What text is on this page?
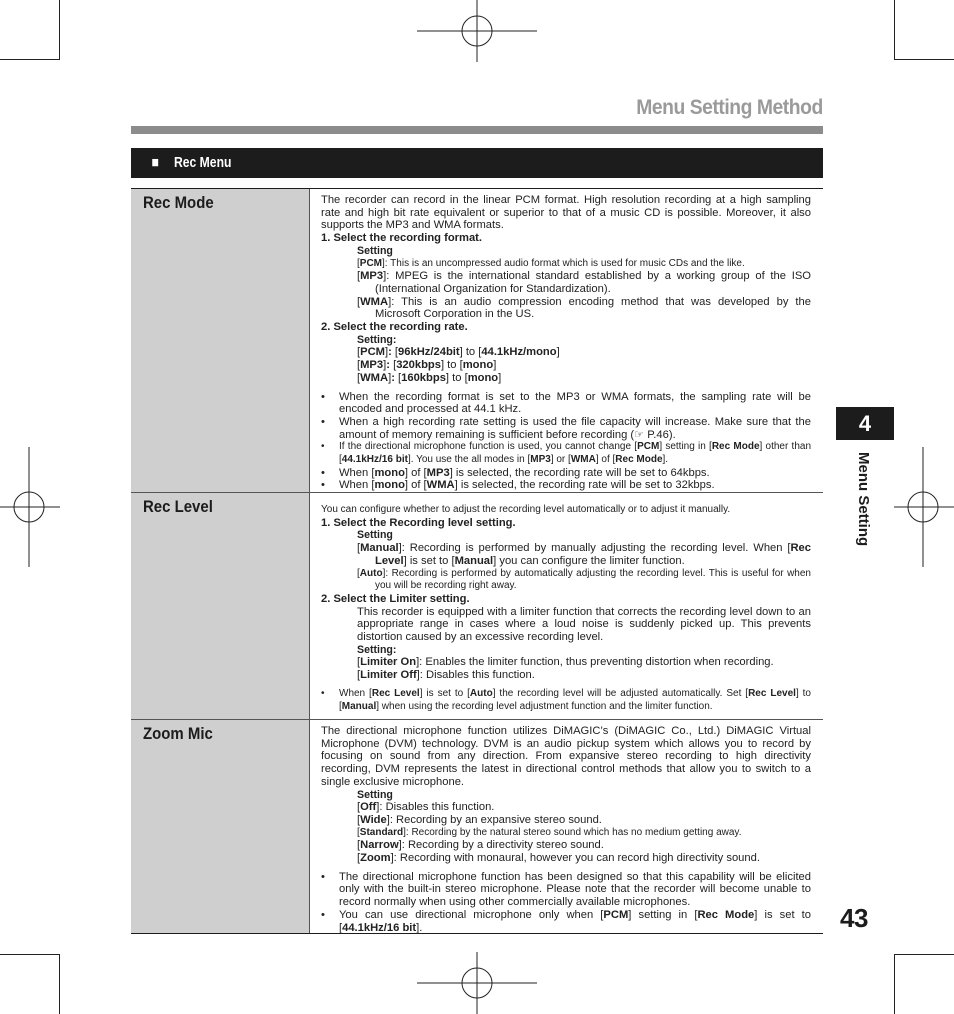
Menu Setting Method
■ Rec Menu
Rec Mode	The recorder can record in the linear PCM format. High resolution recording at a high sampling rate and high bit rate equivalent or superior to that of a music CD is possible. Moreover, it also supports the MP3 and WMA formats.

1. Select the recording format.

Setting

[PCM]: This is an uncompressed audio format which is used for music CDs and the like.

[MP3]: MPEG is the international standard established by a working group of the ISO (International Organization for Standardization).

[WMA]: This is an audio compression encoding method that was developed by the Microsoft Corporation in the US.

2. Select the recording rate.

Setting:

[PCM]: [96kHz/24bit] to [44.1kHz/mono]

[MP3]: [320kbps] to [mono]

[WMA]: [160kbps] to [mono]

• When the recording format is set to the MP3 or WMA formats, the sampling rate will be encoded and processed at 44.1 kHz.

• When a high recording rate setting is used the file capacity will increase. Make sure that the amount of memory remaining is sufficient before recording (☞ P.46).

• If the directional microphone function is used, you cannot change [PCM] setting in [Rec Mode] other than [44.1kHz/16 bit]. You use the all modes in [MP3] or [WMA] of [Rec Mode].

• When [mono] of [MP3] is selected, the recording rate will be set to 64kbps.

• When [mono] of [WMA] is selected, the recording rate will be set to 32kbps.

Rec Level	You can configure whether to adjust the recording level automatically or to adjust it manually.

1. Select the Recording level setting.

Setting

[Manual]: Recording is performed by manually adjusting the recording level. When [Rec Level] is set to [Manual] you can configure the limiter function.

[Auto]: Recording is performed by automatically adjusting the recording level. This is useful for when you will be recording right away.

2. Select the Limiter setting.

This recorder is equipped with a limiter function that corrects the recording level down to an appropriate range in cases where a loud noise is suddenly picked up. This prevents distortion caused by an excessive recording level.

Setting:

[Limiter On]: Enables the limiter function, thus preventing distortion when recording.

[Limiter Off]: Disables this function.

• When [Rec Level] is set to [Auto] the recording level will be adjusted automatically. Set [Rec Level] to [Manual] when using the recording level adjustment function and the limiter function.

Zoom Mic	The directional microphone function utilizes DiMAGIC’s (DiMAGIC Co., Ltd.) DiMAGIC Virtual Microphone (DVM) technology. DVM is an audio pickup system which allows you to record by focusing on sound from any direction. From expansive stereo recording to high directivity recording, DVM represents the latest in directional control methods that allow you to switch to a single exclusive microphone.

Setting

[Off]: Disables this function.

[Wide]: Recording by an expansive stereo sound.

[Standard]: Recording by the natural stereo sound which has no medium getting away.

[Narrow]: Recording by a directivity stereo sound.

[Zoom]: Recording with monaural, however you can record high directivity sound.

• The directional microphone function has been designed so that this capability will be elicited only with the built-in stereo microphone. Please note that the recorder will become unable to record normally when using other commercially available microphones.

• You can use directional microphone only when [PCM] setting in [Rec Mode] is set to [44.1kHz/16 bit].

4
Menu Setting
43
